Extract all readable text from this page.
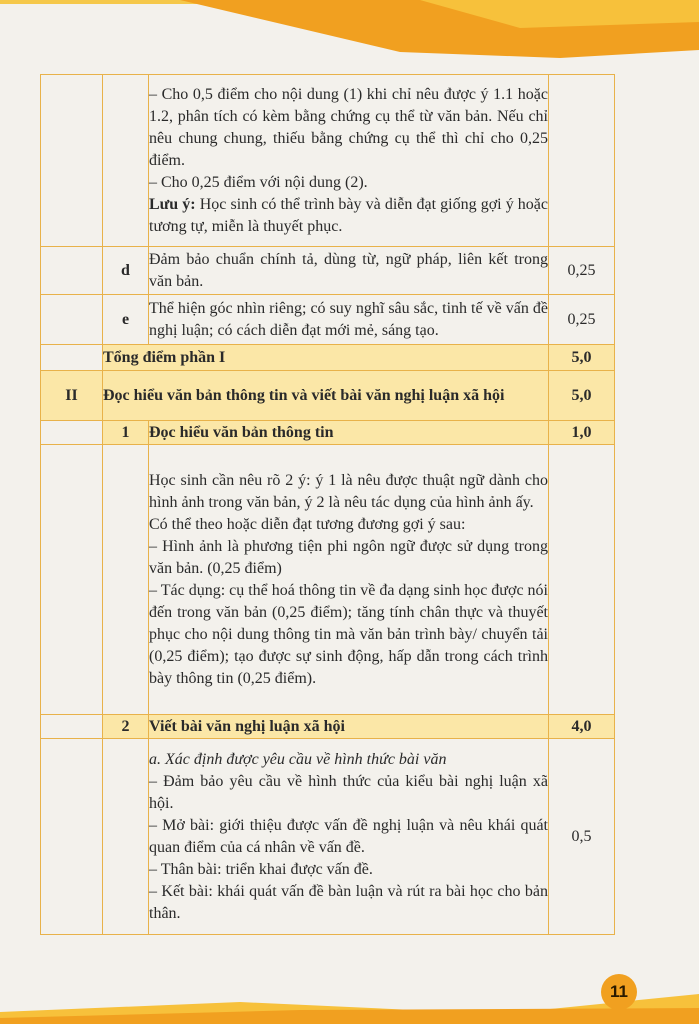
		– Cho 0,5 điểm cho nội dung (1) khi chỉ nêu được ý 1.1 hoặc 1.2, phân tích có kèm bằng chứng cụ thể từ văn bản. Nếu chỉ nêu chung chung, thiếu bằng chứng cụ thể thì chỉ cho 0,25 điểm.

– Cho 0,25 điểm với nội dung (2).

Lưu ý: Học sinh có thể trình bày và diễn đạt giống gợi ý hoặc tương tự, miễn là thuyết phục.	

	d	Đảm bảo chuẩn chính tả, dùng từ, ngữ pháp, liên kết trong văn bản.	0,25
	e	Thể hiện góc nhìn riêng; có suy nghĩ sâu sắc, tinh tế về vấn đề nghị luận; có cách diễn đạt mới mẻ, sáng tạo.	0,25
	Tổng điểm phần I		5,0
II	Đọc hiểu văn bản thông tin và viết bài văn nghị luận xã hội		5,0
	1	Đọc hiểu văn bản thông tin	1,0

		Học sinh cần nêu rõ 2 ý: ý 1 là nêu được thuật ngữ dành cho hình ảnh trong văn bản, ý 2 là nêu tác dụng của hình ảnh ấy.

Có thể theo hoặc diễn đạt tương đương gợi ý sau:

– Hình ảnh là phương tiện phi ngôn ngữ được sử dụng trong văn bản. (0,25 điểm)

– Tác dụng: cụ thể hoá thông tin về đa dạng sinh học được nói đến trong văn bản (0,25 điểm); tăng tính chân thực và thuyết phục cho nội dung thông tin mà văn bản trình bày/ chuyển tải (0,25 điểm); tạo được sự sinh động, hấp dẫn trong cách trình bày thông tin (0,25 điểm).	

	2	Viết bài văn nghị luận xã hội	4,0

		a. Xác định được yêu cầu về hình thức bài văn

– Đảm bảo yêu cầu về hình thức của kiểu bài nghị luận xã hội.

– Mở bài: giới thiệu được vấn đề nghị luận và nêu khái quát quan điểm của cá nhân về vấn đề.

– Thân bài: triển khai được vấn đề.

– Kết bài: khái quát vấn đề bàn luận và rút ra bài học cho bản thân.	0,5
11
